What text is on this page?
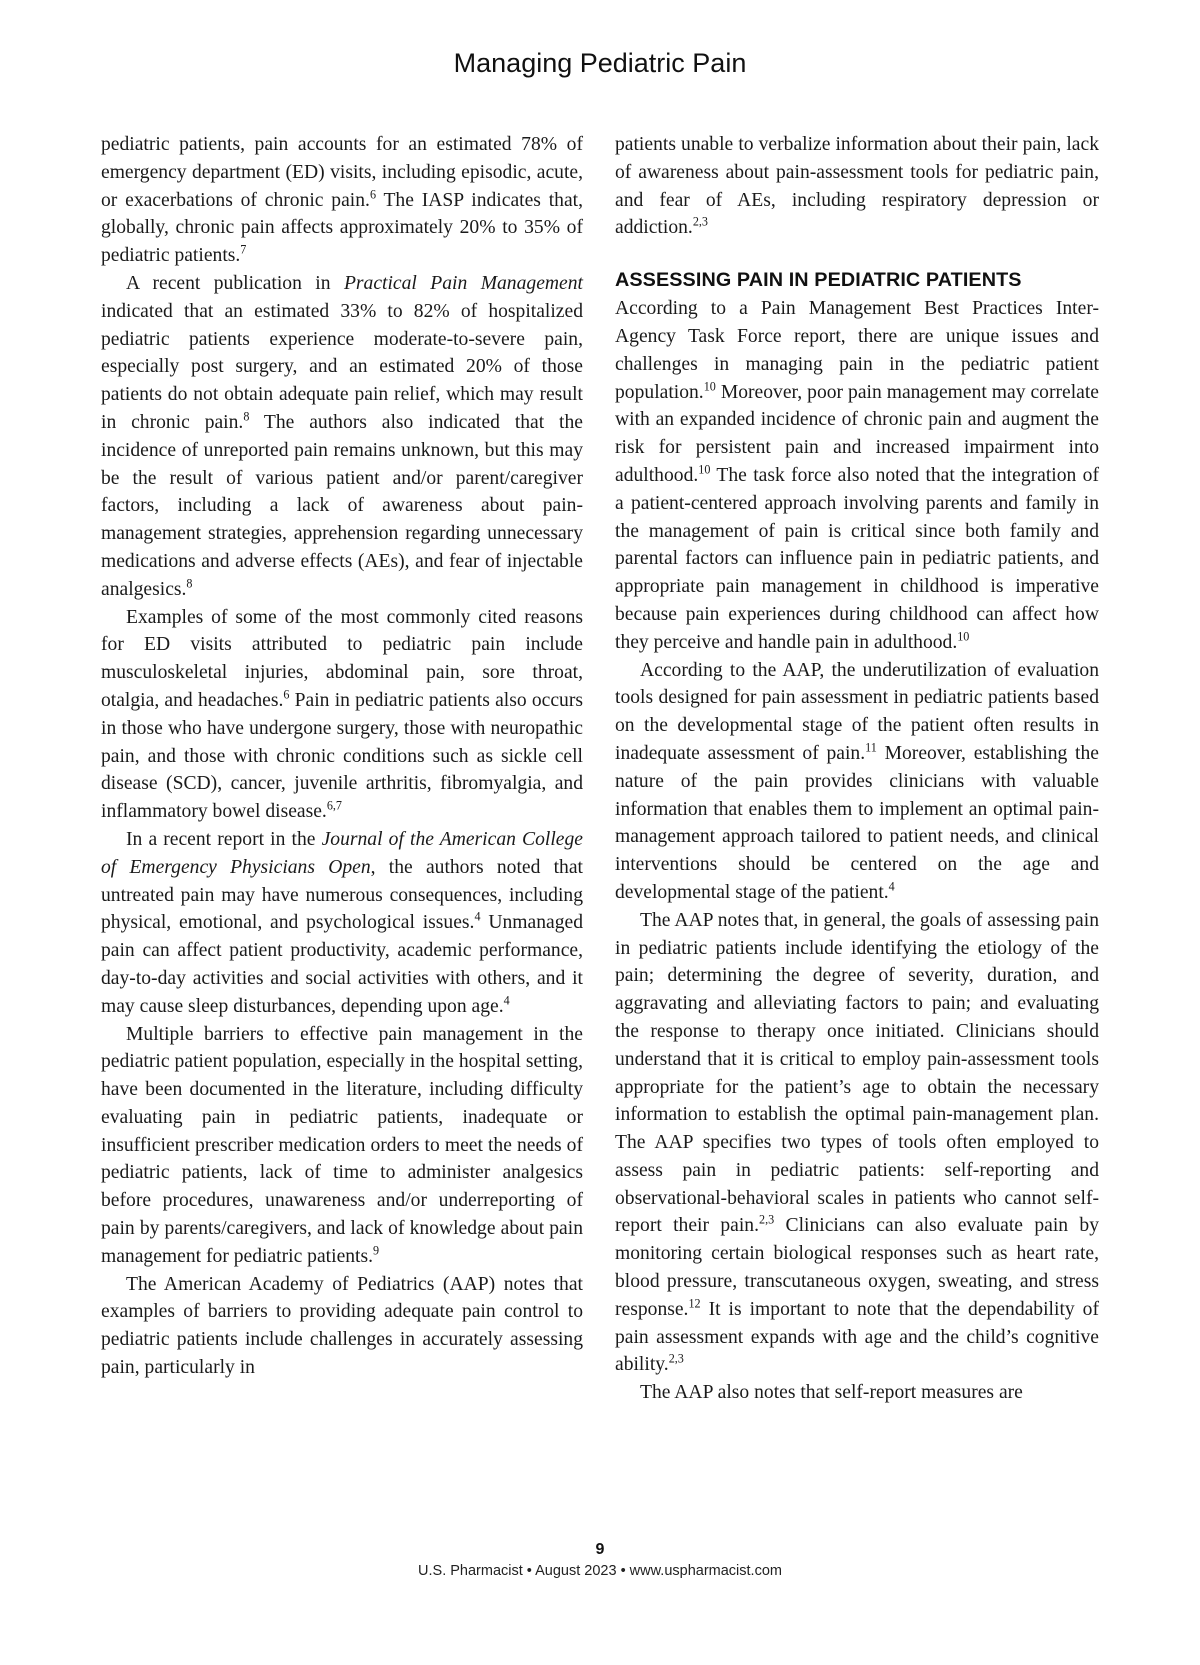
Managing Pediatric Pain

pediatric patients, pain accounts for an estimated 78% of emergency department (ED) visits, including episodic, acute, or exacerbations of chronic pain.$^6$ The IASP indicates that, globally, chronic pain affects approximately 20% to 35% of pediatric patients.$^7$

A recent publication in Practical Pain Management indicated that an estimated 33% to 82% of hospitalized pediatric patients experience moderate-to-severe pain, especially post surgery, and an estimated 20% of those patients do not obtain adequate pain relief, which may result in chronic pain.$^8$ The authors also indicated that the incidence of unreported pain remains unknown, but this may be the result of various patient and/or parent/caregiver factors, including a lack of awareness about pain-management strategies, apprehension regarding unnecessary medications and adverse effects (AEs), and fear of injectable analgesics.$^8$

Examples of some of the most commonly cited reasons for ED visits attributed to pediatric pain include musculoskeletal injuries, abdominal pain, sore throat, otalgia, and headaches.$^6$ Pain in pediatric patients also occurs in those who have undergone surgery, those with neuropathic pain, and those with chronic conditions such as sickle cell disease (SCD), cancer, juvenile arthritis, fibromyalgia, and inflammatory bowel disease.$^{6,7}$

In a recent report in the Journal of the American College of Emergency Physicians Open, the authors noted that untreated pain may have numerous consequences, including physical, emotional, and psychological issues.$^4$ Unmanaged pain can affect patient productivity, academic performance, day-to-day activities and social activities with others, and it may cause sleep disturbances, depending upon age.$^4$

Multiple barriers to effective pain management in the pediatric patient population, especially in the hospital setting, have been documented in the literature, including difficulty evaluating pain in pediatric patients, inadequate or insufficient prescriber medication orders to meet the needs of pediatric patients, lack of time to administer analgesics before procedures, unawareness and/or underreporting of pain by parents/caregivers, and lack of knowledge about pain management for pediatric patients.$^9$

The American Academy of Pediatrics (AAP) notes that examples of barriers to providing adequate pain control to pediatric patients include challenges in accurately assessing pain, particularly in

patients unable to verbalize information about their pain, lack of awareness about pain-assessment tools for pediatric pain, and fear of AEs, including respiratory depression or addiction.$^{2,3}$

ASSESSING PAIN IN PEDIATRIC PATIENTS

According to a Pain Management Best Practices Inter-Agency Task Force report, there are unique issues and challenges in managing pain in the pediatric patient population.$^{10}$ Moreover, poor pain management may correlate with an expanded incidence of chronic pain and augment the risk for persistent pain and increased impairment into adulthood.$^{10}$ The task force also noted that the integration of a patient-centered approach involving parents and family in the management of pain is critical since both family and parental factors can influence pain in pediatric patients, and appropriate pain management in childhood is imperative because pain experiences during childhood can affect how they perceive and handle pain in adulthood.$^{10}$

According to the AAP, the underutilization of evaluation tools designed for pain assessment in pediatric patients based on the developmental stage of the patient often results in inadequate assessment of pain.$^{11}$ Moreover, establishing the nature of the pain provides clinicians with valuable information that enables them to implement an optimal pain-management approach tailored to patient needs, and clinical interventions should be centered on the age and developmental stage of the patient.$^4$

The AAP notes that, in general, the goals of assessing pain in pediatric patients include identifying the etiology of the pain; determining the degree of severity, duration, and aggravating and alleviating factors to pain; and evaluating the response to therapy once initiated. Clinicians should understand that it is critical to employ pain-assessment tools appropriate for the patient’s age to obtain the necessary information to establish the optimal pain-management plan. The AAP specifies two types of tools often employed to assess pain in pediatric patients: self-reporting and observational-behavioral scales in patients who cannot self-report their pain.$^{2,3}$ Clinicians can also evaluate pain by monitoring certain biological responses such as heart rate, blood pressure, transcutaneous oxygen, sweating, and stress response.$^{12}$ It is important to note that the dependability of pain assessment expands with age and the child’s cognitive ability.$^{2,3}$

The AAP also notes that self-report measures are

9
U.S. Pharmacist • August 2023 • www.uspharmacist.com
